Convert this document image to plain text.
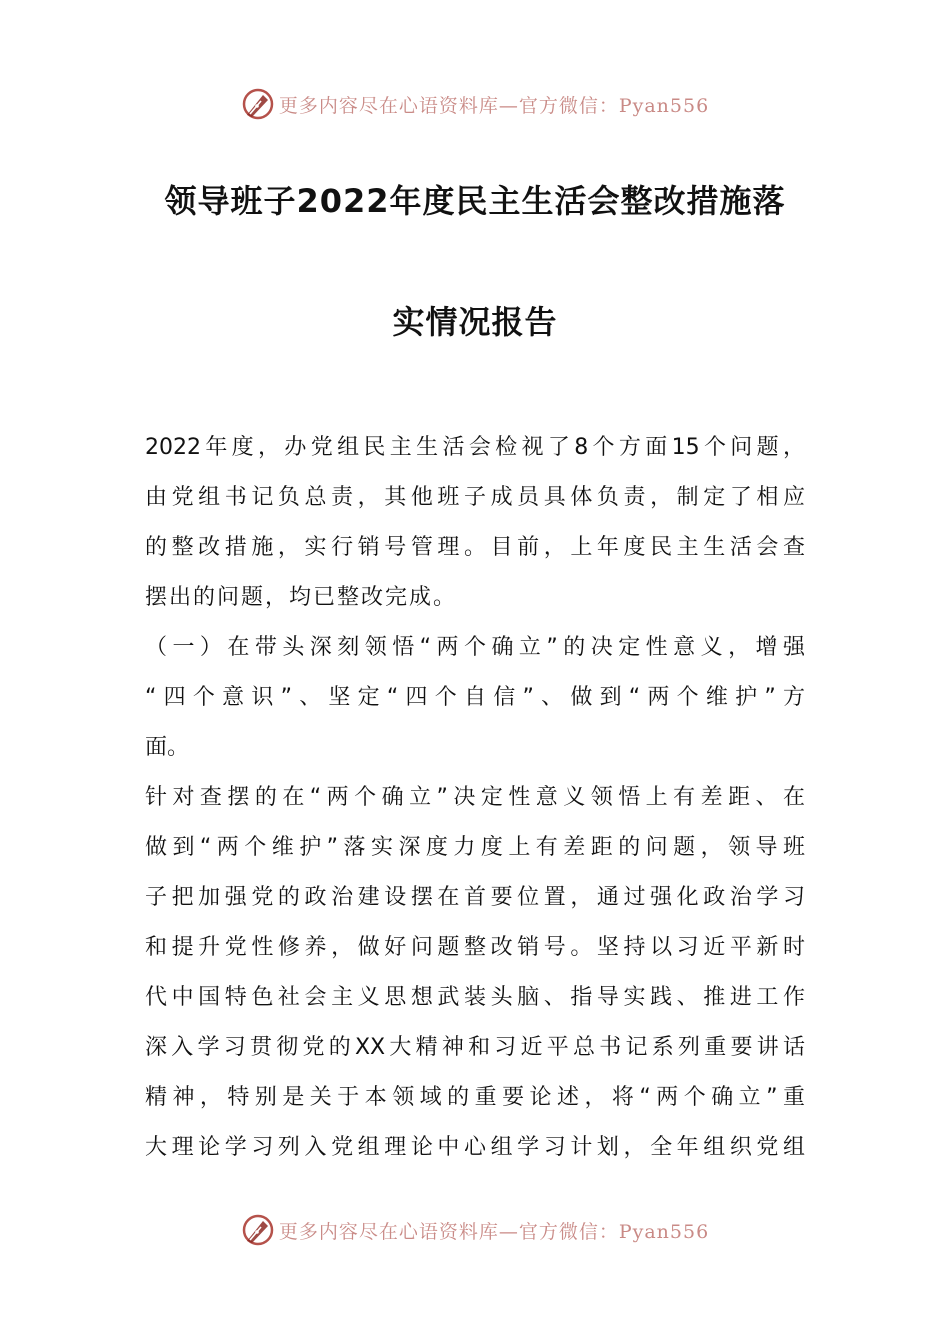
更多内容尽在心语资料库—官方微信：Pyan556
领导班子2022年度民主生活会整改措施落
实情况报告
2022年度，办党组民主生活会检视了8个方面15个问题，
由党组书记负总责，其他班子成员具体负责，制定了相应
的整改措施，实行销号管理。目前，上年度民主生活会查
摆出的问题，均已整改完成。
（一）在带头深刻领悟“两个确立”的决定性意义，增强
“四个意识”、坚定“四个自信”、做到“两个维护”方
面。
针对查摆的在“两个确立”决定性意义领悟上有差距、在
做到“两个维护”落实深度力度上有差距的问题，领导班
子把加强党的政治建设摆在首要位置，通过强化政治学习
和提升党性修养，做好问题整改销号。坚持以习近平新时
代中国特色社会主义思想武装头脑、指导实践、推进工作
深入学习贯彻党的XX大精神和习近平总书记系列重要讲话
精神，特别是关于本领域的重要论述，将“两个确立”重
大理论学习列入党组理论中心组学习计划，全年组织党组
更多内容尽在心语资料库—官方微信：Pyan556
